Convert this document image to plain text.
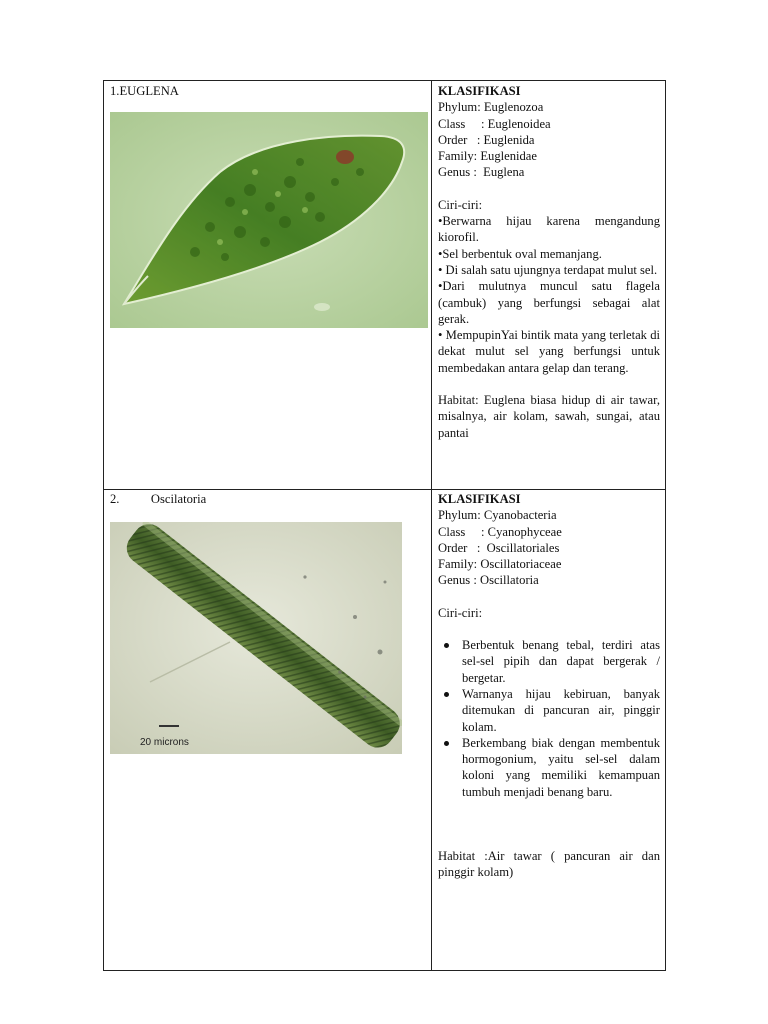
1.EUGLENA	KLASIFIKASI
Phylum: Euglenozoa
Class     : Euglenoidea
Order   : Euglenida
Family: Euglenidae
Genus :  Euglena
Ciri-ciri:

•Berwarna hijau karena mengandung kiorofil.

•Sel berbentuk oval memanjang.

• Di salah satu ujungnya terdapat mulut sel.

•Dari mulutnya muncul satu flagela (cambuk) yang berfungsi sebagai alat gerak.

• MempupinYai bintik mata yang terletak di dekat mulut sel yang berfungsi untuk membedakan antara gelap dan terang.

Habitat: Euglena biasa hidup di air tawar, misalnya, air kolam, sawah, sungai, atau pantai

2.          Oscilatoria

20 microns
KLASIFIKASI
Phylum: Cyanobacteria
Class     : Cyanophyceae
Order   :  Oscillatoriales
Family: Oscillatoriaceae
Genus : Oscillatoria
Ciri-ciri:
Berbentuk benang tebal, terdiri atas sel-sel pipih dan dapat bergerak / bergetar.
Warnanya hijau kebiruan, banyak ditemukan di pancuran air, pinggir kolam.
Berkembang biak dengan membentuk hormogonium, yaitu sel-sel dalam koloni yang memiliki kemampuan tumbuh menjadi benang baru.

Habitat :Air tawar ( pancuran air dan pinggir kolam)
